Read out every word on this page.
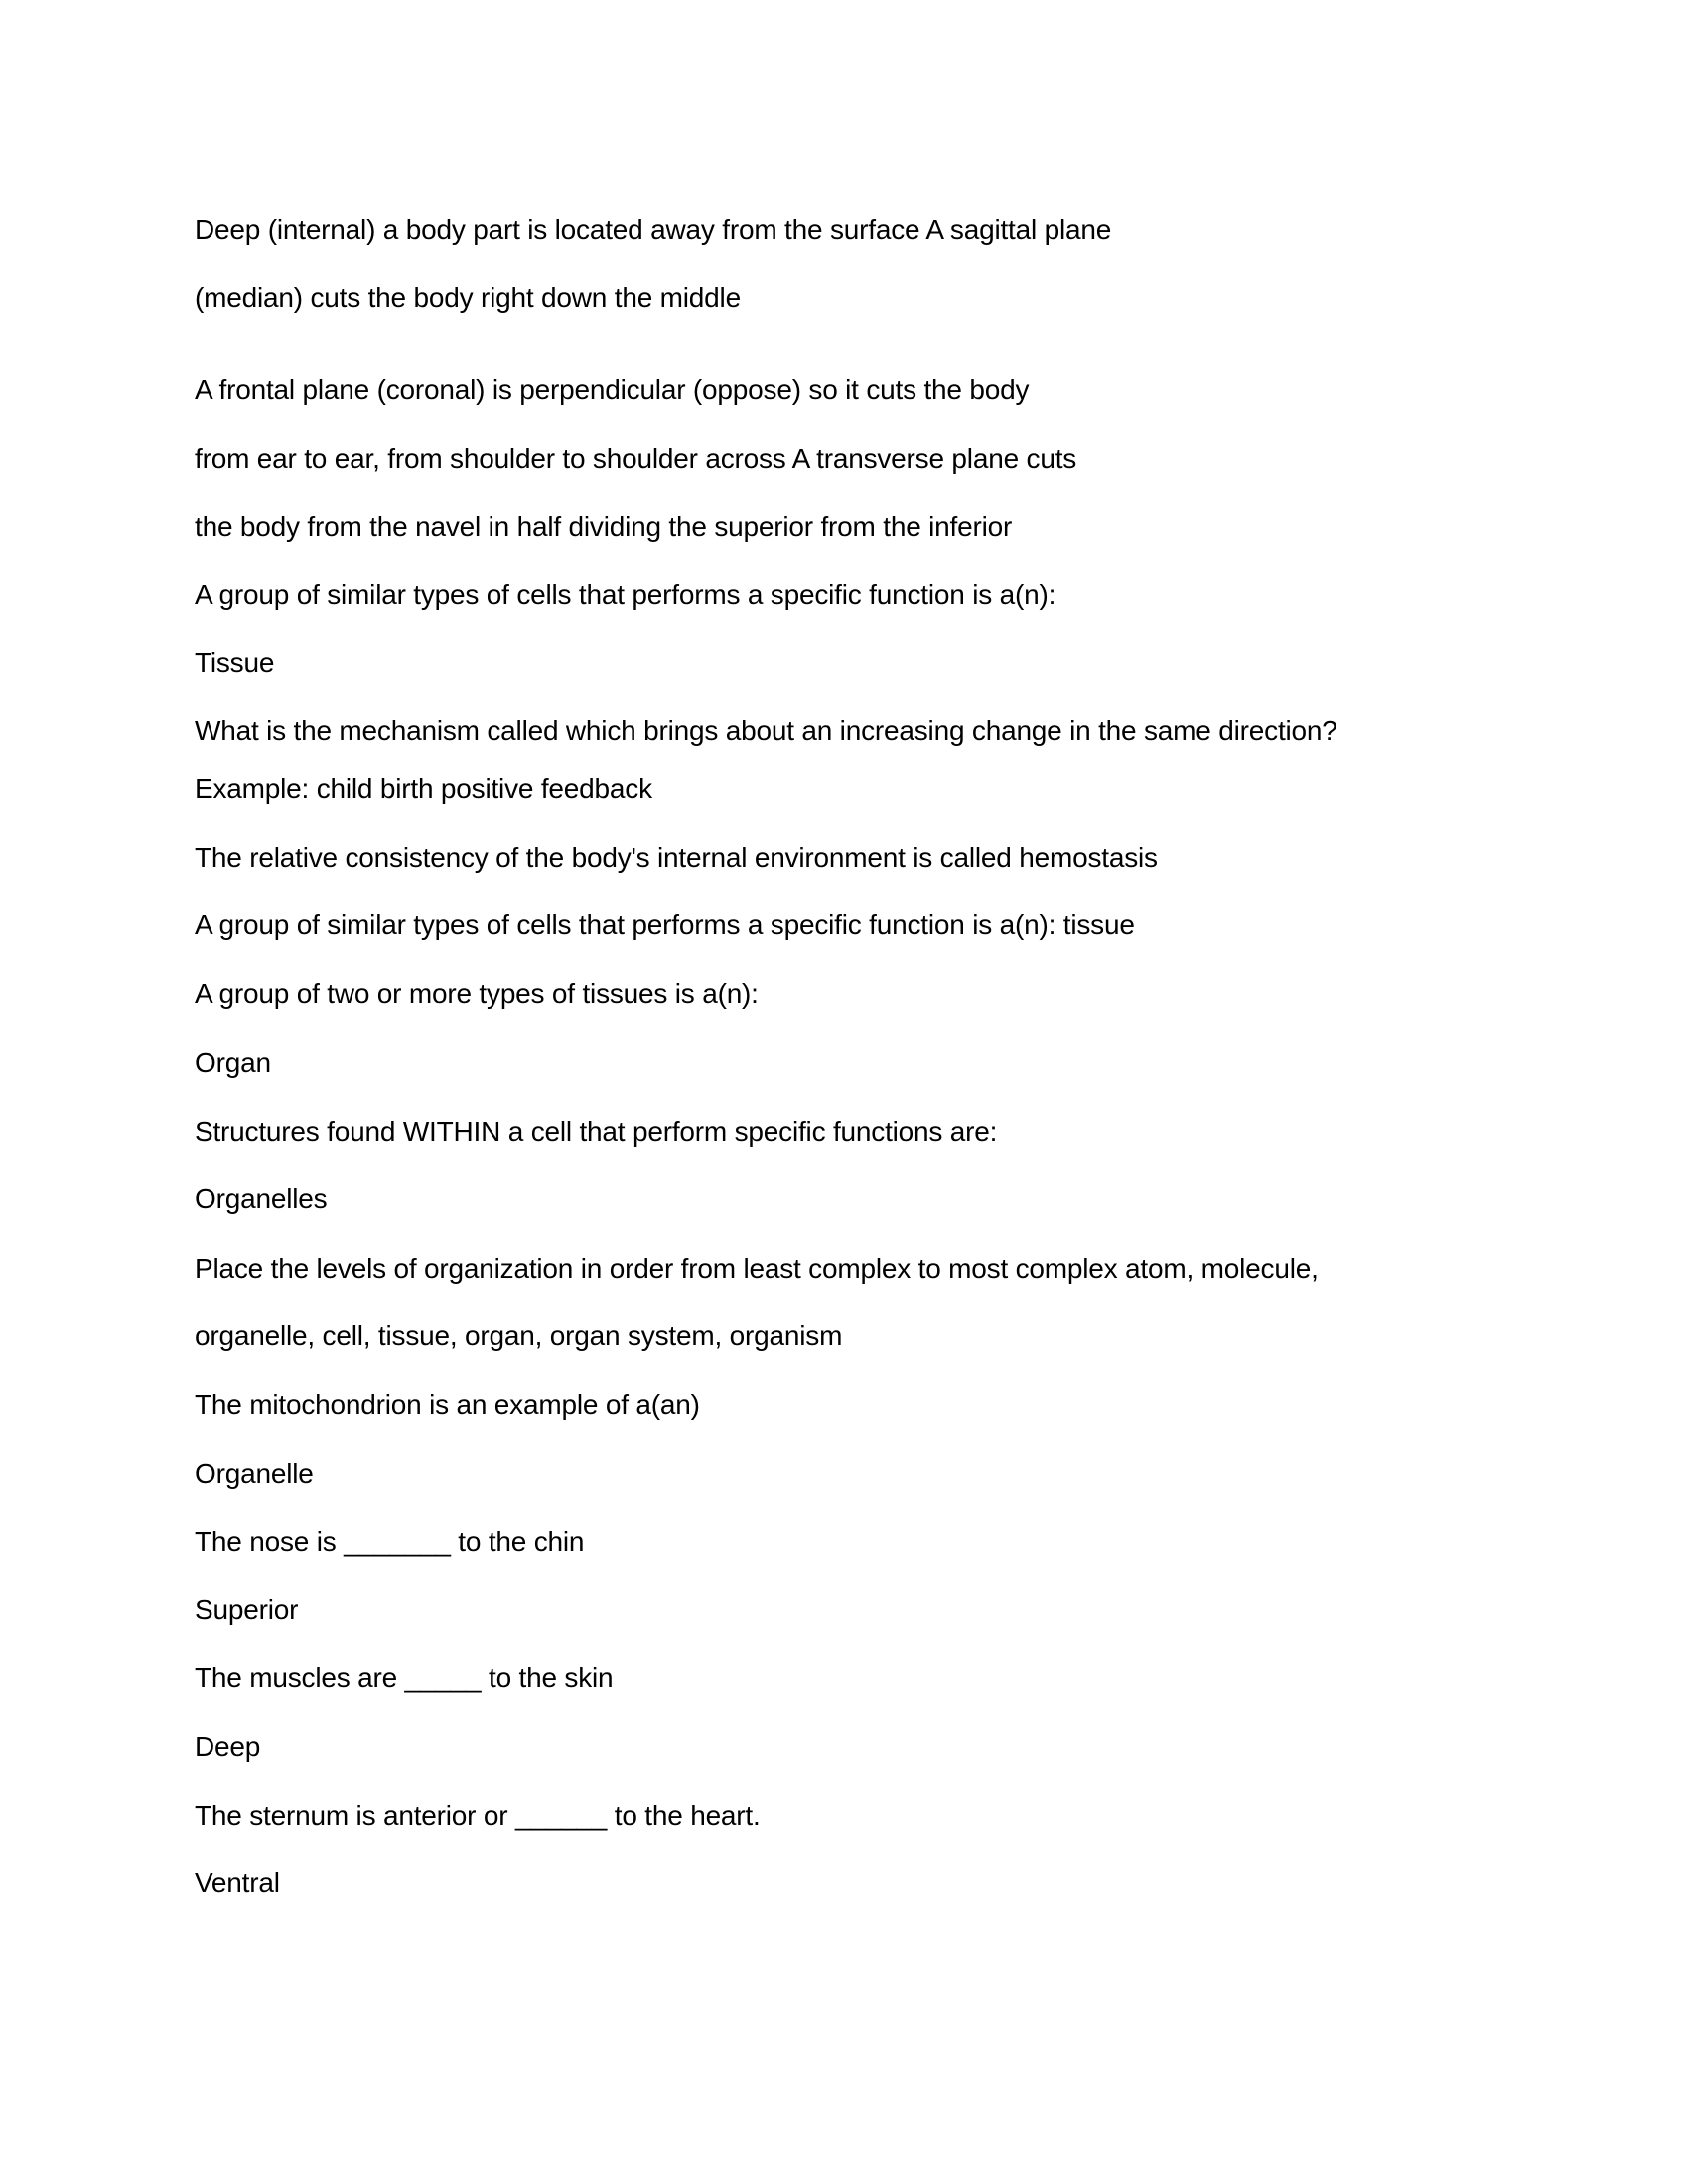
Deep (internal) a body part is located away from the surface A sagittal plane
(median) cuts the body right down the middle
A frontal plane (coronal) is perpendicular (oppose) so it cuts the body
from ear to ear, from shoulder to shoulder across A transverse plane cuts
the body from the navel in half dividing the superior from the inferior
A group of similar types of cells that performs a specific function is a(n):
Tissue
What is the mechanism called which brings about an increasing change in the same direction?
Example: child birth positive feedback
The relative consistency of the body's internal environment is called hemostasis
A group of similar types of cells that performs a specific function is a(n): tissue
A group of two or more types of tissues is a(n):
Organ
Structures found WITHIN a cell that perform specific functions are:
Organelles
Place the levels of organization in order from least complex to most complex atom, molecule,
organelle, cell, tissue, organ, organ system, organism
The mitochondrion is an example of a(an)
Organelle
The nose is _______ to the chin
Superior
The muscles are _____ to the skin
Deep
The sternum is anterior or ______ to the heart.
Ventral
